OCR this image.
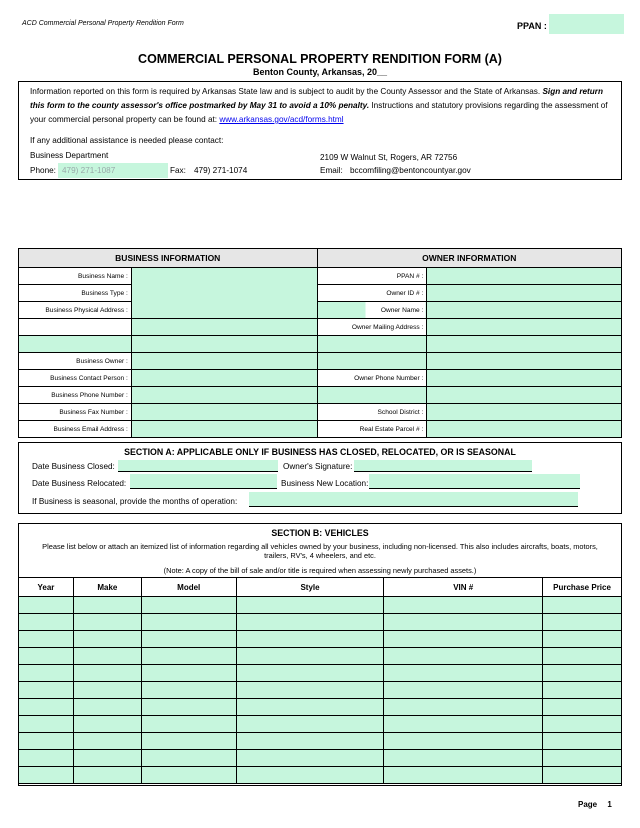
ACD Commercial Personal Property Rendition Form	PPAN :
COMMERCIAL PERSONAL PROPERTY RENDITION FORM (A)
Benton County, Arkansas, 20__
Information reported on this form is required by Arkansas State law and is subject to audit by the County Assessor and the State of Arkansas. Sign and return this form to the county assessor's office postmarked by May 31 to avoid a 10% penalty. Instructions and statutory provisions regarding the assessment of your commercial personal property can be found at: www.arkansas.gov/acd/forms.html
If any additional assistance is needed please contact:
Business Department
Phone: 479) 271-1087	Fax: 479) 271-1074
2109 W Walnut St, Rogers, AR 72756
Email: bccomfiling@bentoncountyar.gov
BUSINESS INFORMATION		OWNER INFORMATION	
Business Name :		PPAN # :	
Business Type :		Owner ID # :	
Business Physical Address :		Owner Name :	
		Owner Mailing Address :	

Business Owner :			
Business Contact Person :		Owner Phone Number :	
Business Phone Number :			
Business Fax Number :		School District :	
Business Email Address :		Real Estate Parcel # :	
SECTION A: APPLICABLE ONLY IF BUSINESS HAS CLOSED, RELOCATED, OR IS SEASONAL
Date Business Closed:	Owner's Signature:
Date Business Relocated:	Business New Location:
If Business is seasonal, provide the months of operation:
SECTION B: VEHICLES
Please list below or attach an itemized list of information regarding all vehicles owned by your business, including non-licensed. This also includes aircrafts, boats, motors, trailers, RV's, 4 wheelers, and etc.
(Note: A copy of the bill of sale and/or title is required when assessing newly purchased assets.)
Year	Make	Model	Style	VIN #	Purchase Price

Page 1
